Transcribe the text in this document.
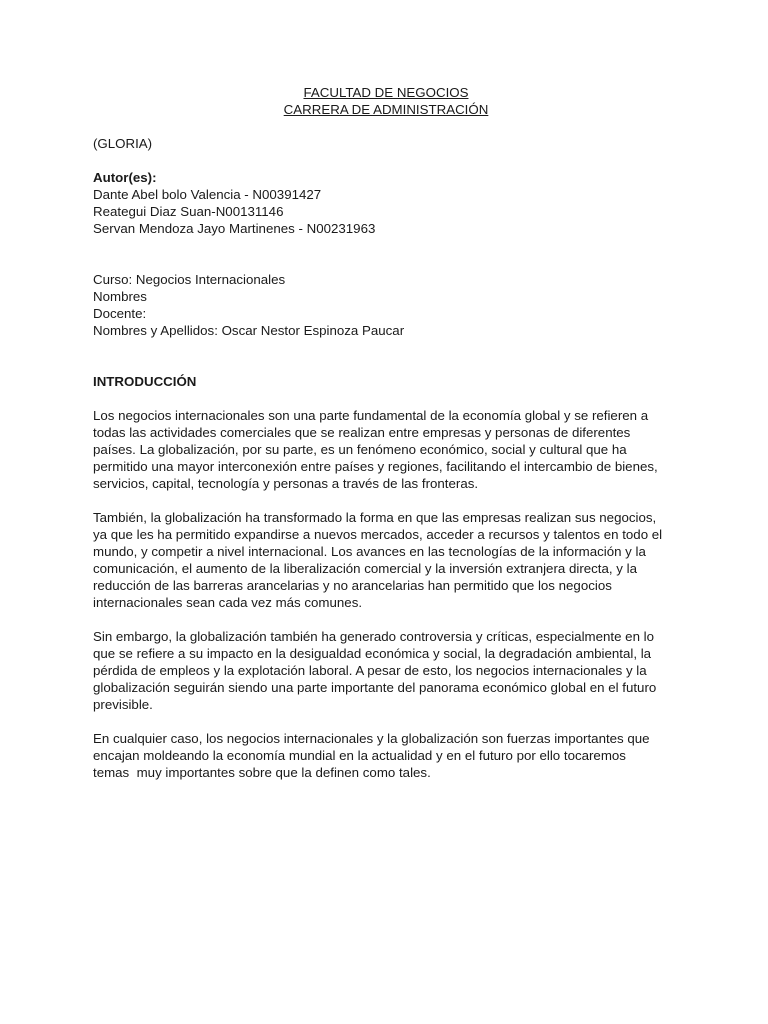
FACULTAD DE NEGOCIOS
CARRERA DE ADMINISTRACIÓN
(GLORIA)
Autor(es):
Dante Abel bolo Valencia - N00391427
Reategui Diaz Suan-N00131146
Servan Mendoza Jayo Martinenes - N00231963
Curso: Negocios Internacionales
Nombres
Docente:
Nombres y Apellidos: Oscar Nestor Espinoza Paucar
INTRODUCCIÓN
Los negocios internacionales son una parte fundamental de la economía global y se refieren a
todas las actividades comerciales que se realizan entre empresas y personas de diferentes
países. La globalización, por su parte, es un fenómeno económico, social y cultural que ha
permitido una mayor interconexión entre países y regiones, facilitando el intercambio de bienes,
servicios, capital, tecnología y personas a través de las fronteras.
También, la globalización ha transformado la forma en que las empresas realizan sus negocios,
ya que les ha permitido expandirse a nuevos mercados, acceder a recursos y talentos en todo el
mundo, y competir a nivel internacional. Los avances en las tecnologías de la información y la
comunicación, el aumento de la liberalización comercial y la inversión extranjera directa, y la
reducción de las barreras arancelarias y no arancelarias han permitido que los negocios
internacionales sean cada vez más comunes.
Sin embargo, la globalización también ha generado controversia y críticas, especialmente en lo
que se refiere a su impacto en la desigualdad económica y social, la degradación ambiental, la
pérdida de empleos y la explotación laboral. A pesar de esto, los negocios internacionales y la
globalización seguirán siendo una parte importante del panorama económico global en el futuro
previsible.
En cualquier caso, los negocios internacionales y la globalización son fuerzas importantes que
encajan moldeando la economía mundial en la actualidad y en el futuro por ello tocaremos
temas  muy importantes sobre que la definen como tales.
